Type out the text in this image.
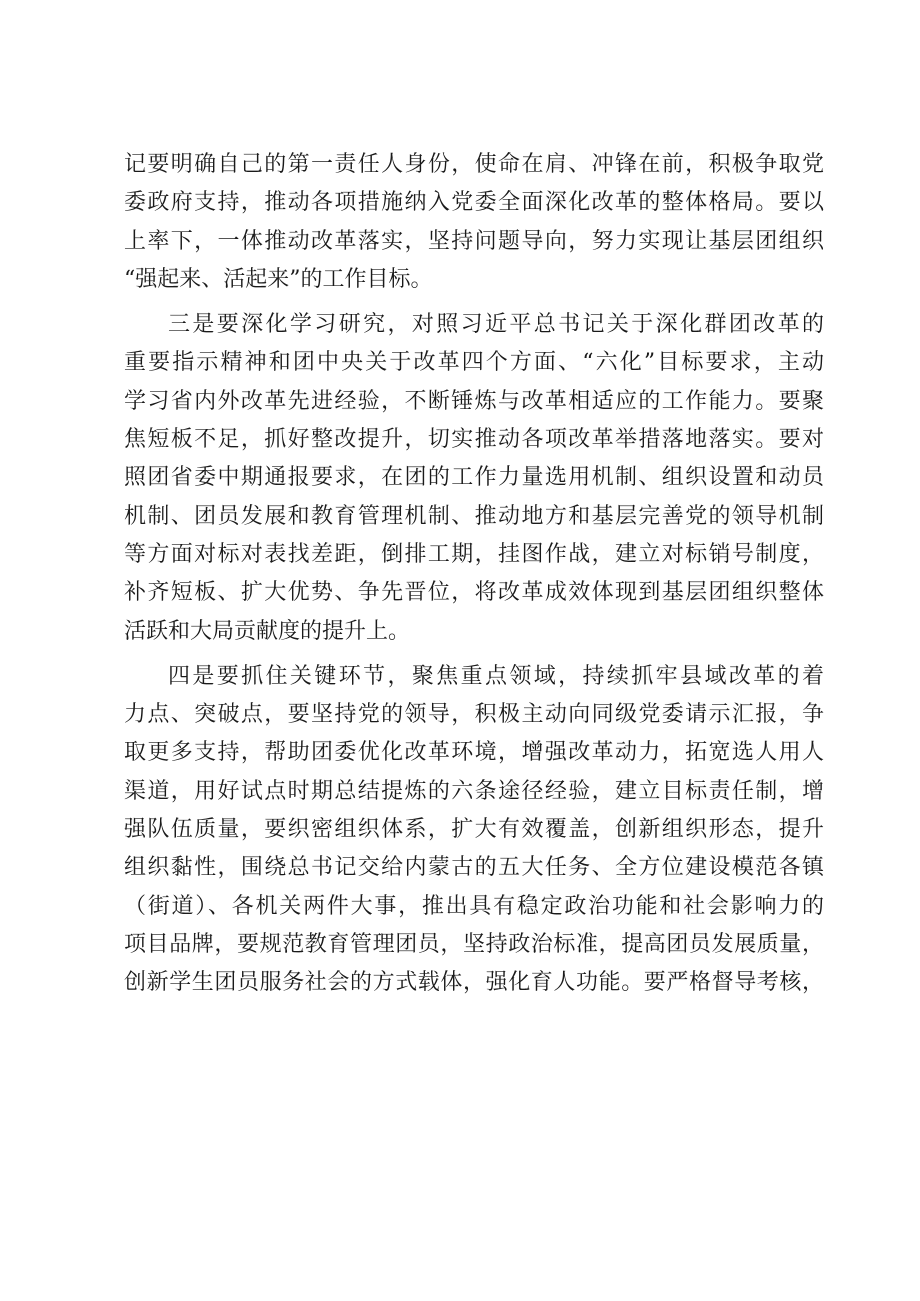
记要明确自己的第一责任人身份，使命在肩、冲锋在前，积极争取党
委政府支持，推动各项措施纳入党委全面深化改革的整体格局。要以
上率下，一体推动改革落实，坚持问题导向，努力实现让基层团组织
“强起来、活起来”的工作目标。
三是要深化学习研究，对照习近平总书记关于深化群团改革的
重要指示精神和团中央关于改革四个方面、“六化”目标要求，主动
学习省内外改革先进经验，不断锤炼与改革相适应的工作能力。要聚
焦短板不足，抓好整改提升，切实推动各项改革举措落地落实。要对
照团省委中期通报要求，在团的工作力量选用机制、组织设置和动员
机制、团员发展和教育管理机制、推动地方和基层完善党的领导机制
等方面对标对表找差距，倒排工期，挂图作战，建立对标销号制度，
补齐短板、扩大优势、争先晋位，将改革成效体现到基层团组织整体
活跃和大局贡献度的提升上。
四是要抓住关键环节，聚焦重点领域，持续抓牢县域改革的着
力点、突破点，要坚持党的领导，积极主动向同级党委请示汇报，争
取更多支持，帮助团委优化改革环境，增强改革动力，拓宽选人用人
渠道，用好试点时期总结提炼的六条途径经验，建立目标责任制，增
强队伍质量，要织密组织体系，扩大有效覆盖，创新组织形态，提升
组织黏性，围绕总书记交给内蒙古的五大任务、全方位建设模范各镇
（街道）、各机关两件大事，推出具有稳定政治功能和社会影响力的
项目品牌，要规范教育管理团员，坚持政治标准，提高团员发展质量，
创新学生团员服务社会的方式载体，强化育人功能。要严格督导考核，
